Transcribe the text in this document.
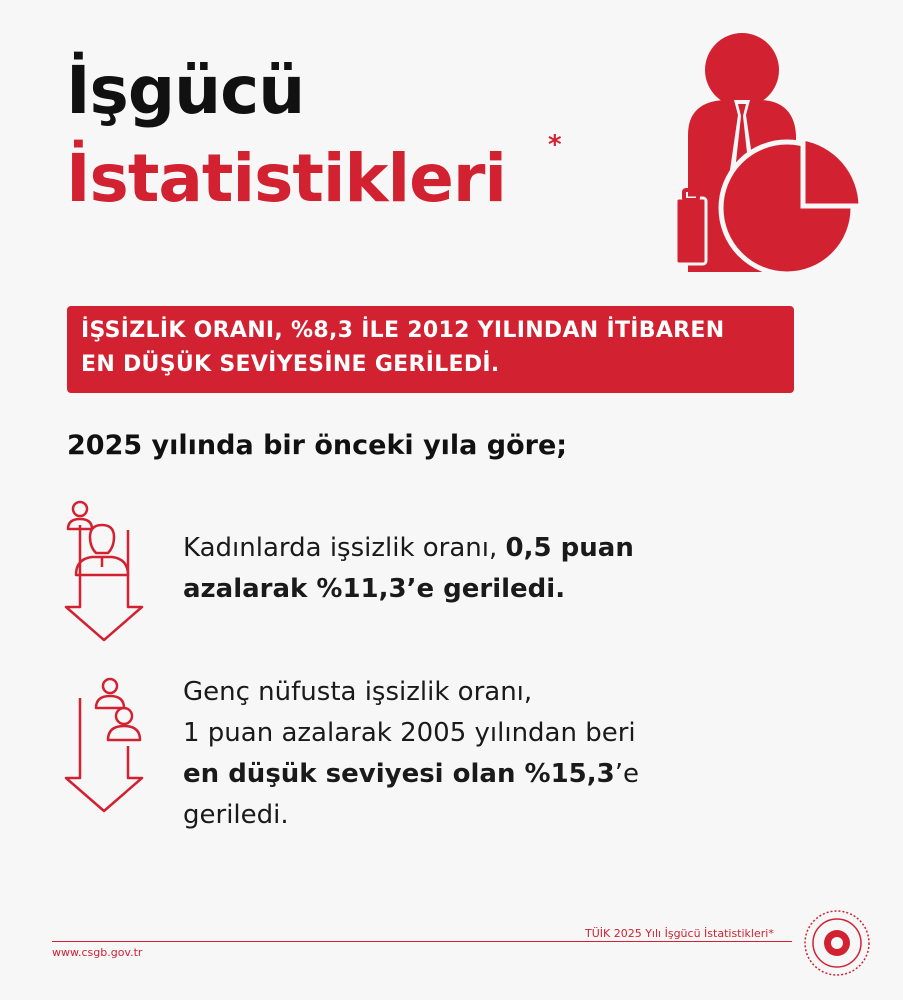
İşgücü
İstatistikleri *
İŞSİZLİK ORANI, %8,3 İLE 2012 YILINDAN İTİBAREN
EN DÜŞÜK SEVİYESİNE GERİLEDİ.
2025 yılında bir önceki yıla göre;
Kadınlarda işsizlik oranı, 0,5 puan
azalarak %11,3’e geriledi.
Genç nüfusta işsizlik oranı,
1 puan azalarak 2005 yılından beri
en düşük seviyesi olan %15,3’e
geriledi.
TÜİK 2025 Yılı İşgücü İstatistikleri*
www.csgb.gov.tr
